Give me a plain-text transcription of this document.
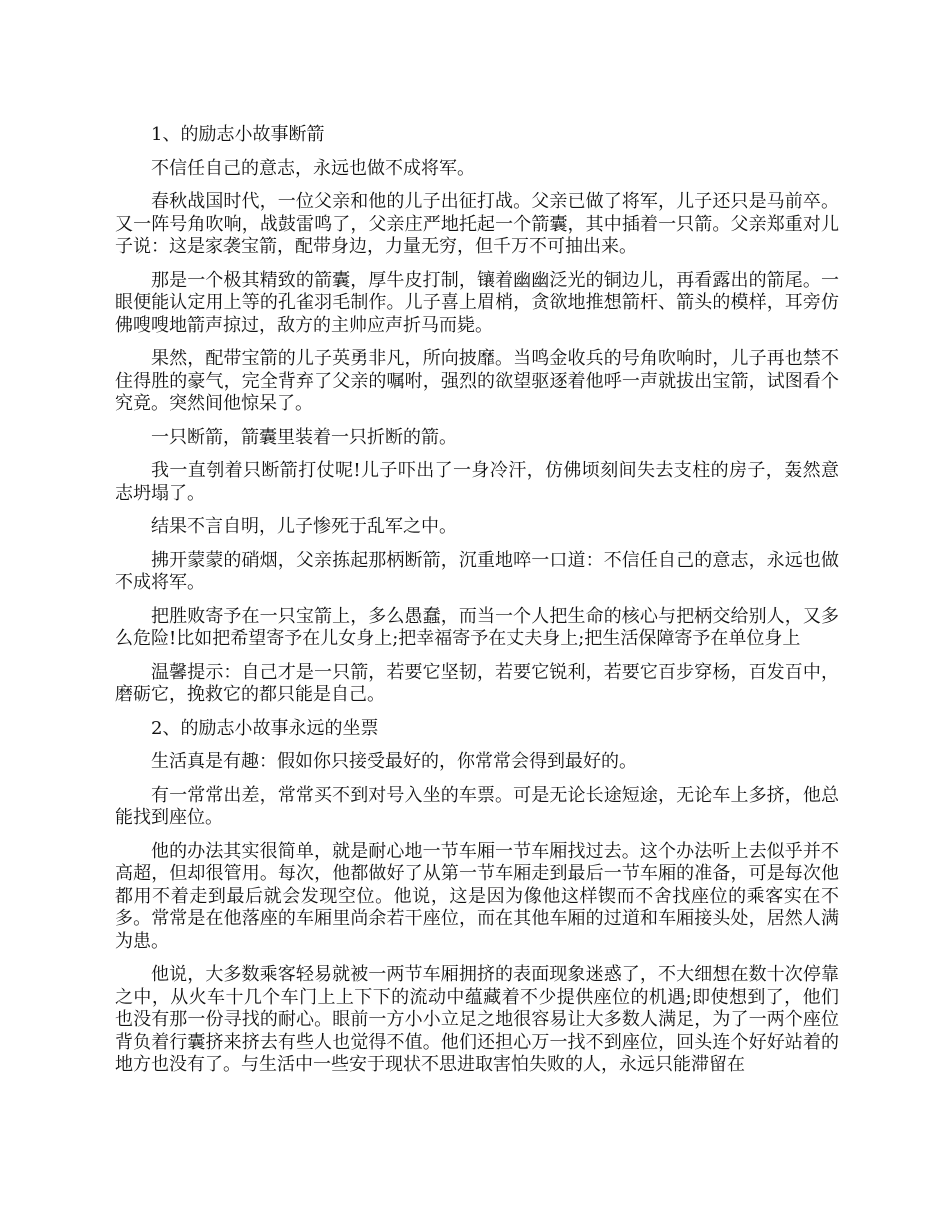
1、的励志小故事断箭

不信任自己的意志，永远也做不成将军。

春秋战国时代，一位父亲和他的儿子出征打战。父亲已做了将军，儿子还只是马前卒。又一阵号角吹响，战鼓雷鸣了，父亲庄严地托起一个箭囊，其中插着一只箭。父亲郑重对儿子说：这是家袭宝箭，配带身边，力量无穷，但千万不可抽出来。

那是一个极其精致的箭囊，厚牛皮打制，镶着幽幽泛光的铜边儿，再看露出的箭尾。一眼便能认定用上等的孔雀羽毛制作。儿子喜上眉梢，贪欲地推想箭杆、箭头的模样，耳旁仿佛嗖嗖地箭声掠过，敌方的主帅应声折马而毙。

果然，配带宝箭的儿子英勇非凡，所向披靡。当鸣金收兵的号角吹响时，儿子再也禁不住得胜的豪气，完全背弃了父亲的嘱咐，强烈的欲望驱逐着他呼一声就拔出宝箭，试图看个究竟。突然间他惊呆了。

一只断箭，箭囊里装着一只折断的箭。

我一直刳着只断箭打仗呢!儿子吓出了一身冷汗，仿佛顷刻间失去支柱的房子，轰然意志坍塌了。

结果不言自明，儿子惨死于乱军之中。

拂开蒙蒙的硝烟，父亲拣起那柄断箭，沉重地啐一口道：不信任自己的意志，永远也做不成将军。

把胜败寄予在一只宝箭上，多么愚蠢，而当一个人把生命的核心与把柄交给别人，又多么危险!比如把希望寄予在儿女身上;把幸福寄予在丈夫身上;把生活保障寄予在单位身上

温馨提示：自己才是一只箭，若要它坚韧，若要它锐利，若要它百步穿杨，百发百中，磨砺它，挽救它的都只能是自己。

2、的励志小故事永远的坐票

生活真是有趣：假如你只接受最好的，你常常会得到最好的。

有一常常出差，常常买不到对号入坐的车票。可是无论长途短途，无论车上多挤，他总能找到座位。

他的办法其实很简单，就是耐心地一节车厢一节车厢找过去。这个办法听上去似乎并不高超，但却很管用。每次，他都做好了从第一节车厢走到最后一节车厢的准备，可是每次他都用不着走到最后就会发现空位。他说，这是因为像他这样锲而不舍找座位的乘客实在不多。常常是在他落座的车厢里尚余若干座位，而在其他车厢的过道和车厢接头处，居然人满为患。

他说，大多数乘客轻易就被一两节车厢拥挤的表面现象迷惑了，不大细想在数十次停靠之中，从火车十几个车门上上下下的流动中蕴藏着不少提供座位的机遇;即使想到了，他们也没有那一份寻找的耐心。眼前一方小小立足之地很容易让大多数人满足，为了一两个座位背负着行囊挤来挤去有些人也觉得不值。他们还担心万一找不到座位，回头连个好好站着的地方也没有了。与生活中一些安于现状不思进取害怕失败的人，永远只能滞留在
